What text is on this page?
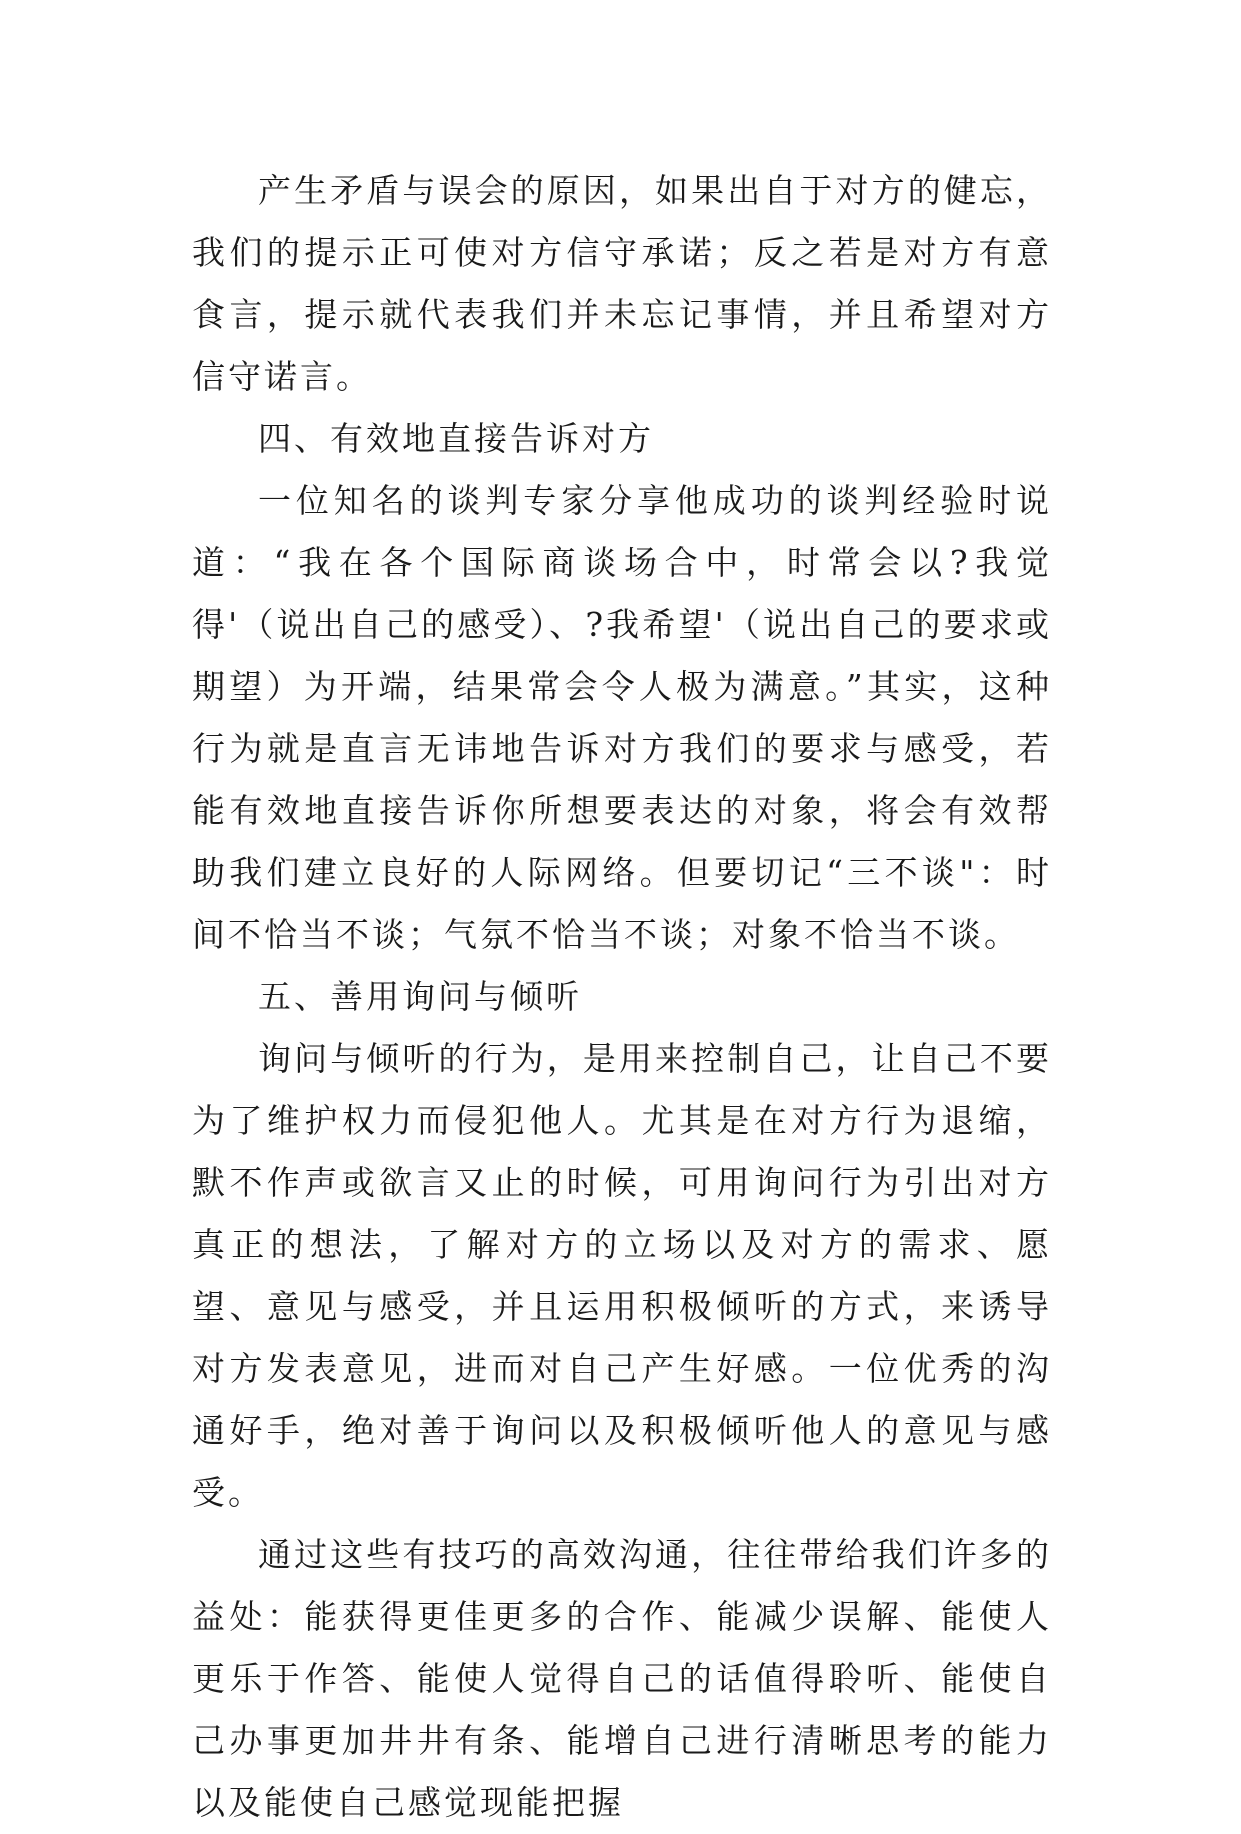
产生矛盾与误会的原因，如果出自于对方的健忘，我们的提示正可使对方信守承诺；反之若是对方有意食言，提示就代表我们并未忘记事情，并且希望对方信守诺言。

四、有效地直接告诉对方

一位知名的谈判专家分享他成功的谈判经验时说道：“我在各个国际商谈场合中，时常会以?我觉得'（说出自己的感受）、?我希望'（说出自己的要求或期望）为开端，结果常会令人极为满意。”其实，这种行为就是直言无讳地告诉对方我们的要求与感受，若能有效地直接告诉你所想要表达的对象，将会有效帮助我们建立良好的人际网络。但要切记“三不谈"：时间不恰当不谈；气氛不恰当不谈；对象不恰当不谈。

五、善用询问与倾听

询问与倾听的行为，是用来控制自己，让自己不要为了维护权力而侵犯他人。尤其是在对方行为退缩，默不作声或欲言又止的时候，可用询问行为引出对方真正的想法，了解对方的立场以及对方的需求、愿望、意见与感受，并且运用积极倾听的方式，来诱导对方发表意见，进而对自己产生好感。一位优秀的沟通好手，绝对善于询问以及积极倾听他人的意见与感受。

通过这些有技巧的高效沟通，往往带给我们许多的益处：能获得更佳更多的合作、能减少误解、能使人更乐于作答、能使人觉得自己的话值得聆听、能使自己办事更加井井有条、能增自己进行清晰思考的能力以及能使自己感觉现能把握
